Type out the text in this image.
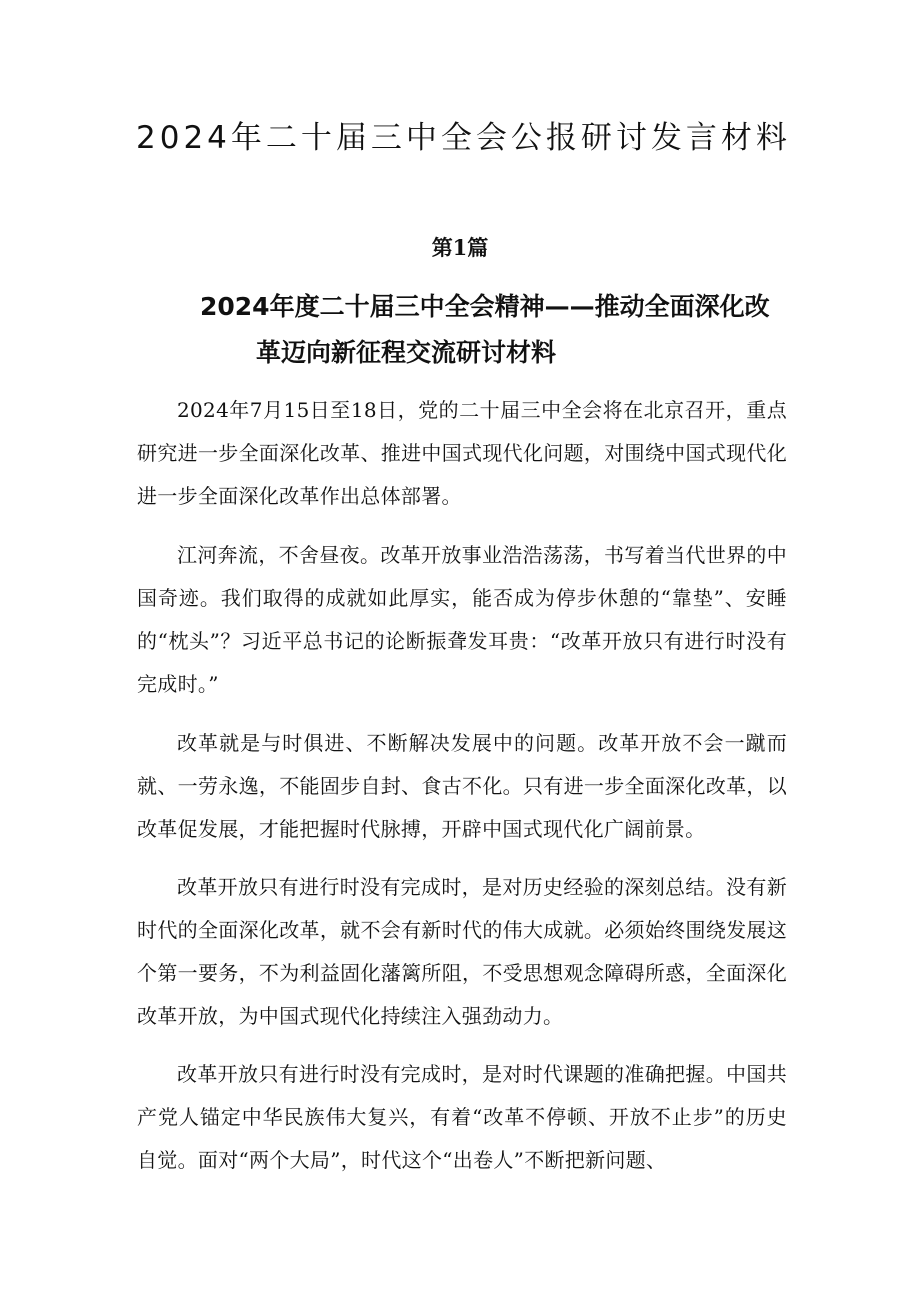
2024年二十届三中全会公报研讨发言材料
第1篇
2024年度二十届三中全会精神——推动全面深化改
革迈向新征程交流研讨材料

2024年7月15日至18日，党的二十届三中全会将在北京召开，重点研究进一步全面深化改革、推进中国式现代化问题，对围绕中国式现代化进一步全面深化改革作出总体部署。

江河奔流，不舍昼夜。改革开放事业浩浩荡荡，书写着当代世界的中国奇迹。我们取得的成就如此厚实，能否成为停步休憩的“靠垫”、安睡的“枕头”？习近平总书记的论断振聋发耳贵：“改革开放只有进行时没有完成时。”

改革就是与时俱进、不断解决发展中的问题。改革开放不会一蹴而就、一劳永逸，不能固步自封、食古不化。只有进一步全面深化改革，以改革促发展，才能把握时代脉搏，开辟中国式现代化广阔前景。

改革开放只有进行时没有完成时，是对历史经验的深刻总结。没有新时代的全面深化改革，就不会有新时代的伟大成就。必须始终围绕发展这个第一要务，不为利益固化藩篱所阻，不受思想观念障碍所惑，全面深化改革开放，为中国式现代化持续注入强劲动力。

改革开放只有进行时没有完成时，是对时代课题的准确把握。中国共产党人锚定中华民族伟大复兴，有着“改革不停顿、开放不止步”的历史自觉。面对“两个大局”，时代这个“出卷人”不断把新问题、
